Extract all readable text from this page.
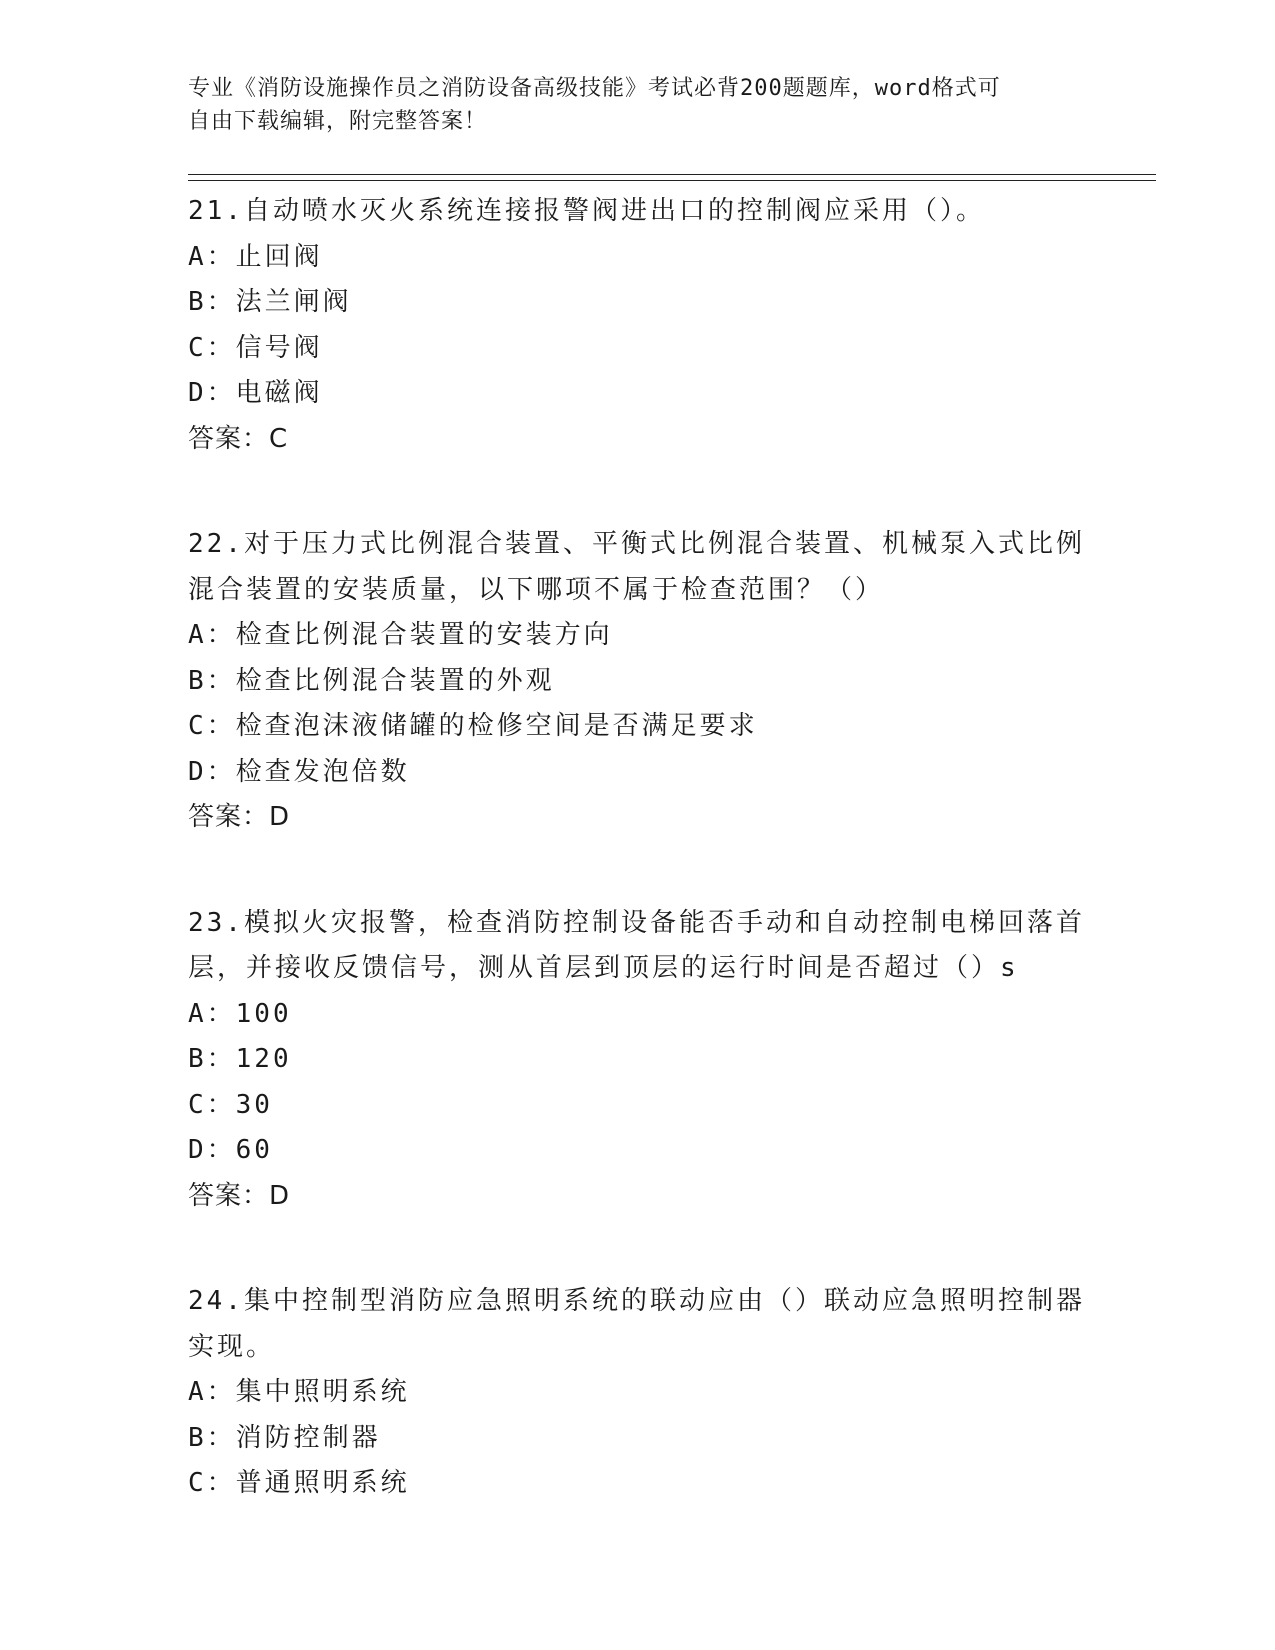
专业《消防设施操作员之消防设备高级技能》考试必背200题题库，word格式可
自由下载编辑，附完整答案！
21.自动喷水灭火系统连接报警阀进出口的控制阀应采用（）。
A：止回阀
B：法兰闸阀
C：信号阀
D：电磁阀
答案：C
22.对于压力式比例混合装置、平衡式比例混合装置、机械泵入式比例
混合装置的安装质量，以下哪项不属于检查范围？（）
A：检查比例混合装置的安装方向
B：检查比例混合装置的外观
C：检查泡沫液储罐的检修空间是否满足要求
D：检查发泡倍数
答案：D
23.模拟火灾报警，检查消防控制设备能否手动和自动控制电梯回落首
层，并接收反馈信号，测从首层到顶层的运行时间是否超过（）s
A：100
B：120
C：30
D：60
答案：D
24.集中控制型消防应急照明系统的联动应由（）联动应急照明控制器
实现。
A：集中照明系统
B：消防控制器
C：普通照明系统
